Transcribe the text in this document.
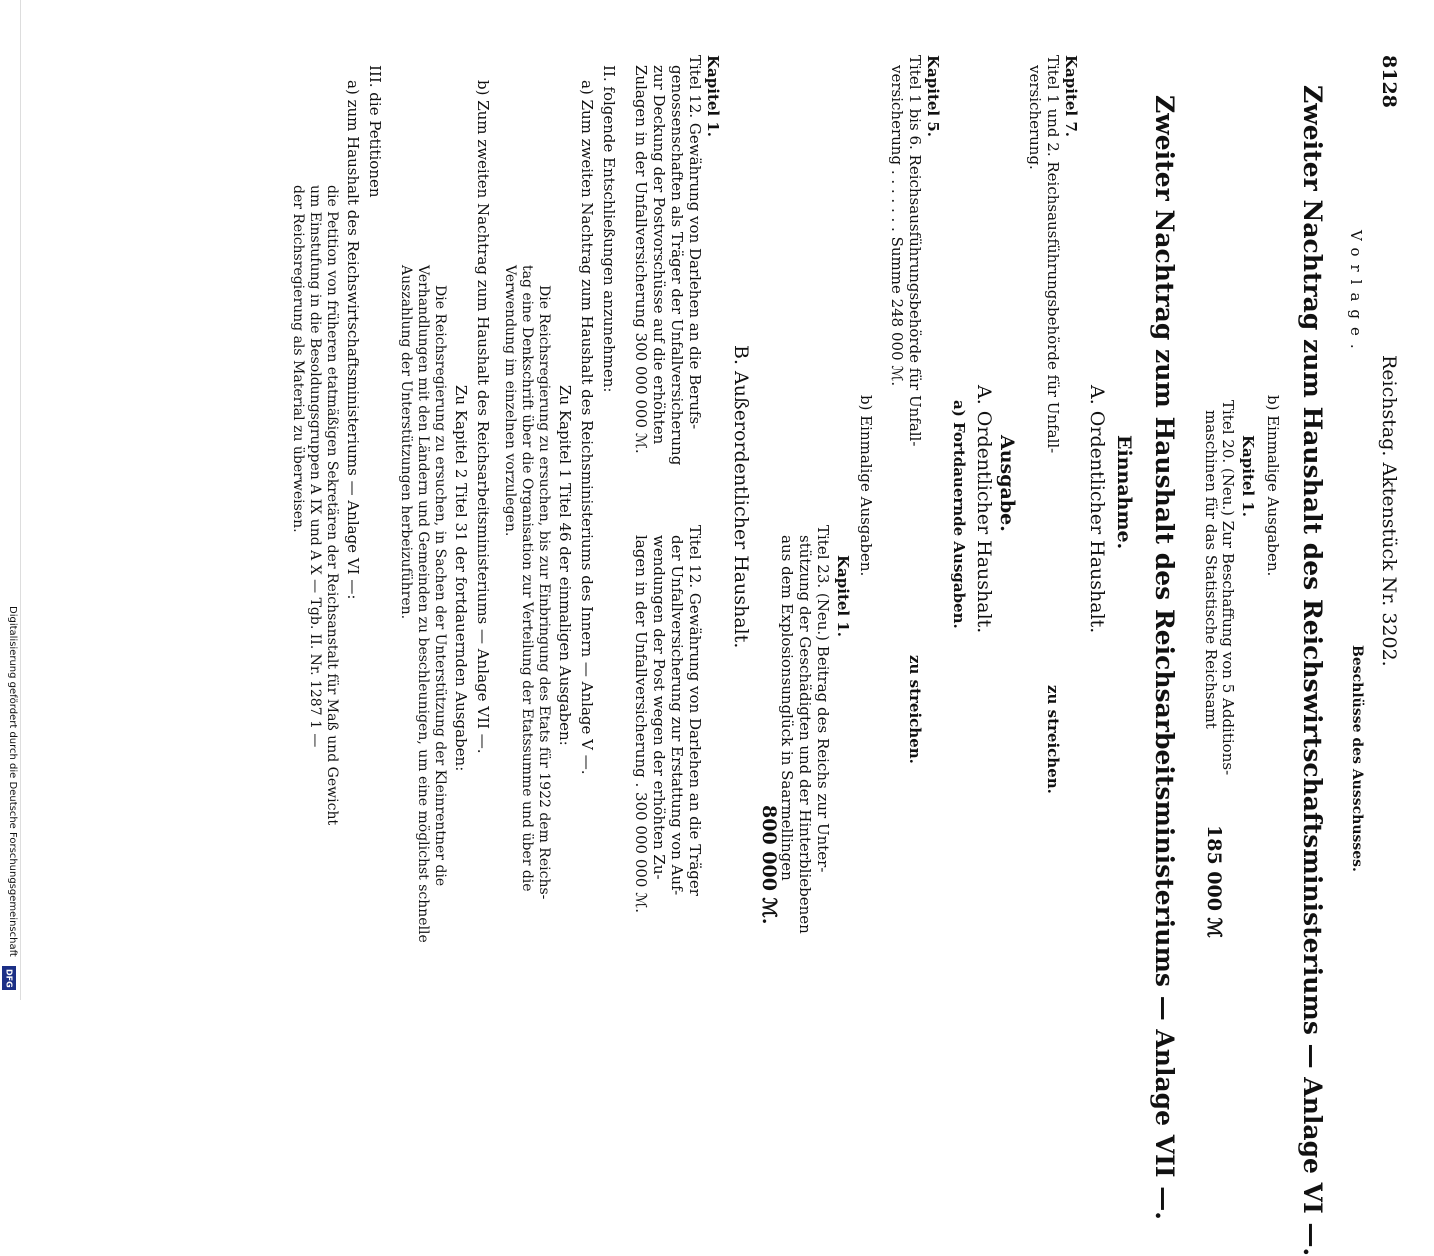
Digitalisierung gefördert durch die Deutsche Forschungsgemeinschaft
DFG
8128
Reichstag. Aktenstück Nr. 3202.
Vorlage.
Beschlüsse des Ausschusses.
Zweiter Nachtrag zum Haushalt des Reichswirtschaftsministeriums — Anlage VI —.
b) Einmalige Ausgaben.
Kapitel 1.
Titel 20. (Neu.) Zur Beschaffung von 5 Additions-
maschinen für das Statistische Reichsamt
185 000 ℳ
Zweiter Nachtrag zum Haushalt des Reichsarbeitsministeriums — Anlage VII —.
Einnahme.
A. Ordentlicher Haushalt.
Kapitel 7.
Titel 1 und 2. Reichsausführungsbehörde für Unfall-
versicherung.
zu streichen.
Ausgabe.
A. Ordentlicher Haushalt.
a) Fortdauernde Ausgaben.
Kapitel 5.
Titel 1 bis 6. Reichsausführungsbehörde für Unfall-
versicherung . . . . . . . Summe 248 000 ℳ.
zu streichen.
b) Einmalige Ausgaben.
Kapitel 1.
Titel 23. (Neu.) Beitrag des Reichs zur Unter-
stützung der Geschädigten und der Hinterbliebenen
aus dem Explosionsunglück in Saarmellingen
800 000 ℳ.
B. Außerordentlicher Haushalt.
Kapitel 1.
Titel 12. Gewährung von Darlehen an die Berufs-
genossenschaften als Träger der Unfallversicherung
zur Deckung der Postvorschüsse auf die erhöhten
Zulagen in der Unfallversicherung 300 000 000 ℳ.
Titel 12. Gewährung von Darlehen an die Träger
der Unfallversicherung zur Erstattung von Auf-
wendungen der Post wegen der erhöhten Zu-
lagen in der Unfallversicherung . 300 000 000 ℳ.
II. folgende Entschließungen anzunehmen:
a) Zum zweiten Nachtrag zum Haushalt des Reichsministeriums des Innern — Anlage V —.
Zu Kapitel 1 Titel 46 der einmaligen Ausgaben:
Die Reichsregierung zu ersuchen, bis zur Einbringung des Etats für 1922 dem Reichs-
tag eine Denkschrift über die Organisation zur Verteilung der Etatssumme und über die
Verwendung im einzelnen vorzulegen.
b) Zum zweiten Nachtrag zum Haushalt des Reichsarbeitsministeriums — Anlage VII —.
Zu Kapitel 2 Titel 31 der fortdauernden Ausgaben:
Die Reichsregierung zu ersuchen, in Sachen der Unterstützung der Kleinrentner die
Verhandlungen mit den Ländern und Gemeinden zu beschleunigen, um eine möglichst schnelle
Auszahlung der Unterstützungen herbeizuführen.
III. die Petitionen
a) zum Haushalt des Reichswirtschaftsministeriums — Anlage VI —:
die Petition von früheren etatmäßigen Sekretären der Reichsanstalt für Maß und Gewicht
um Einstufung in die Besoldungsgruppen A IX und A X — Tgb. II. Nr. 1287 1 —
der Reichsregierung als Material zu überweisen.
